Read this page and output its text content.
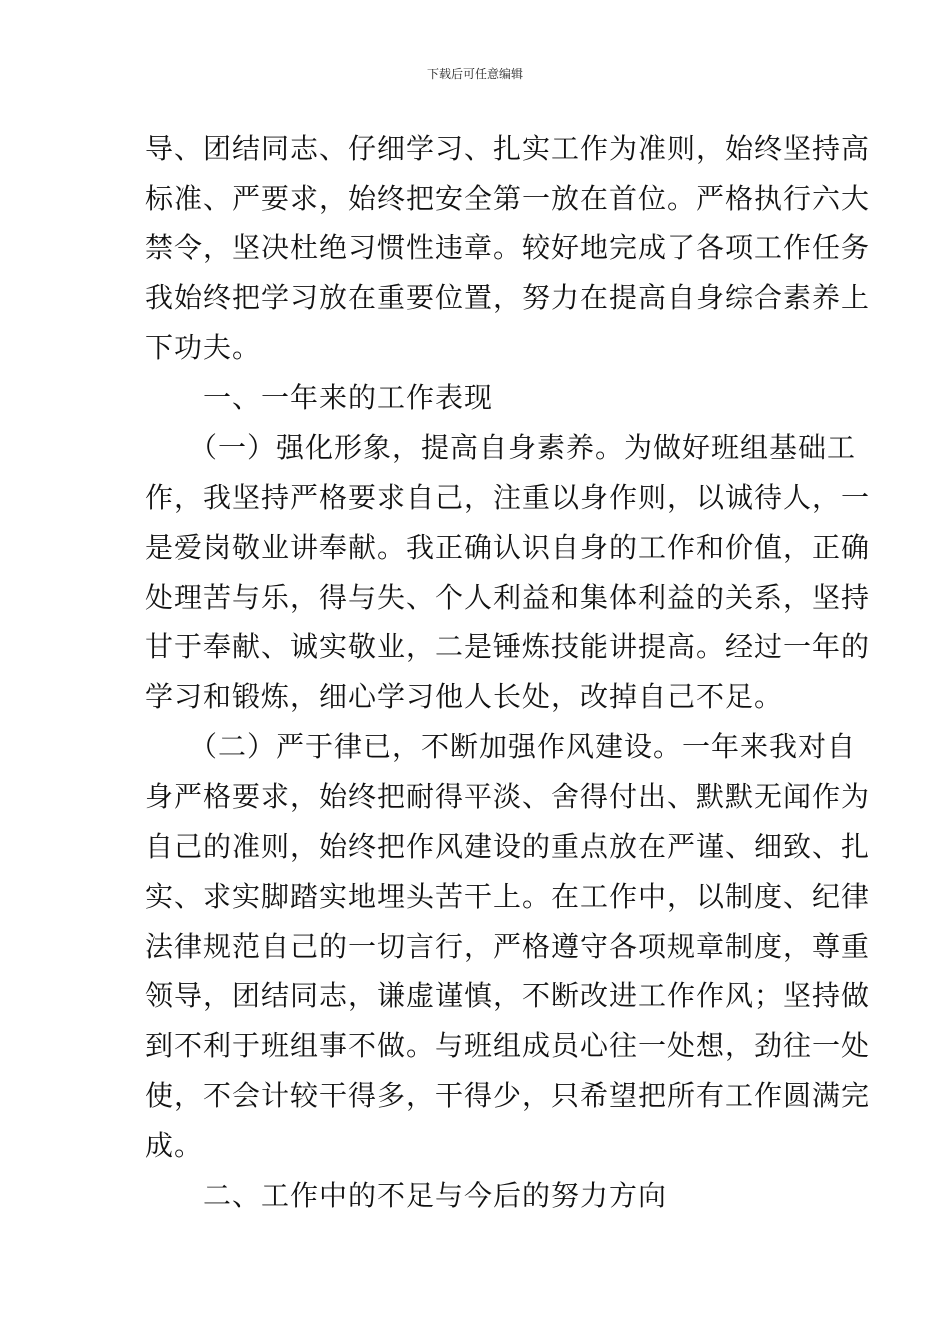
下载后可任意编辑
导、团结同志、仔细学习、扎实工作为准则，始终坚持高
标准、严要求，始终把安全第一放在首位。严格执行六大
禁令，坚决杜绝习惯性违章。较好地完成了各项工作任务
我始终把学习放在重要位置，努力在提高自身综合素养上
下功夫。
　　一、一年来的工作表现
　　（一）强化形象，提高自身素养。为做好班组基础工
作，我坚持严格要求自己，注重以身作则，以诚待人，一
是爱岗敬业讲奉献。我正确认识自身的工作和价值，正确
处理苦与乐，得与失、个人利益和集体利益的关系，坚持
甘于奉献、诚实敬业，二是锤炼技能讲提高。经过一年的
学习和锻炼，细心学习他人长处，改掉自己不足。
　　（二）严于律已，不断加强作风建设。一年来我对自
身严格要求，始终把耐得平淡、舍得付出、默默无闻作为
自己的准则，始终把作风建设的重点放在严谨、细致、扎
实、求实脚踏实地埋头苦干上。在工作中，以制度、纪律
法律规范自己的一切言行，严格遵守各项规章制度，尊重
领导，团结同志，谦虚谨慎，不断改进工作作风；坚持做
到不利于班组事不做。与班组成员心往一处想，劲往一处
使，不会计较干得多，干得少，只希望把所有工作圆满完
成。
　　二、工作中的不足与今后的努力方向
